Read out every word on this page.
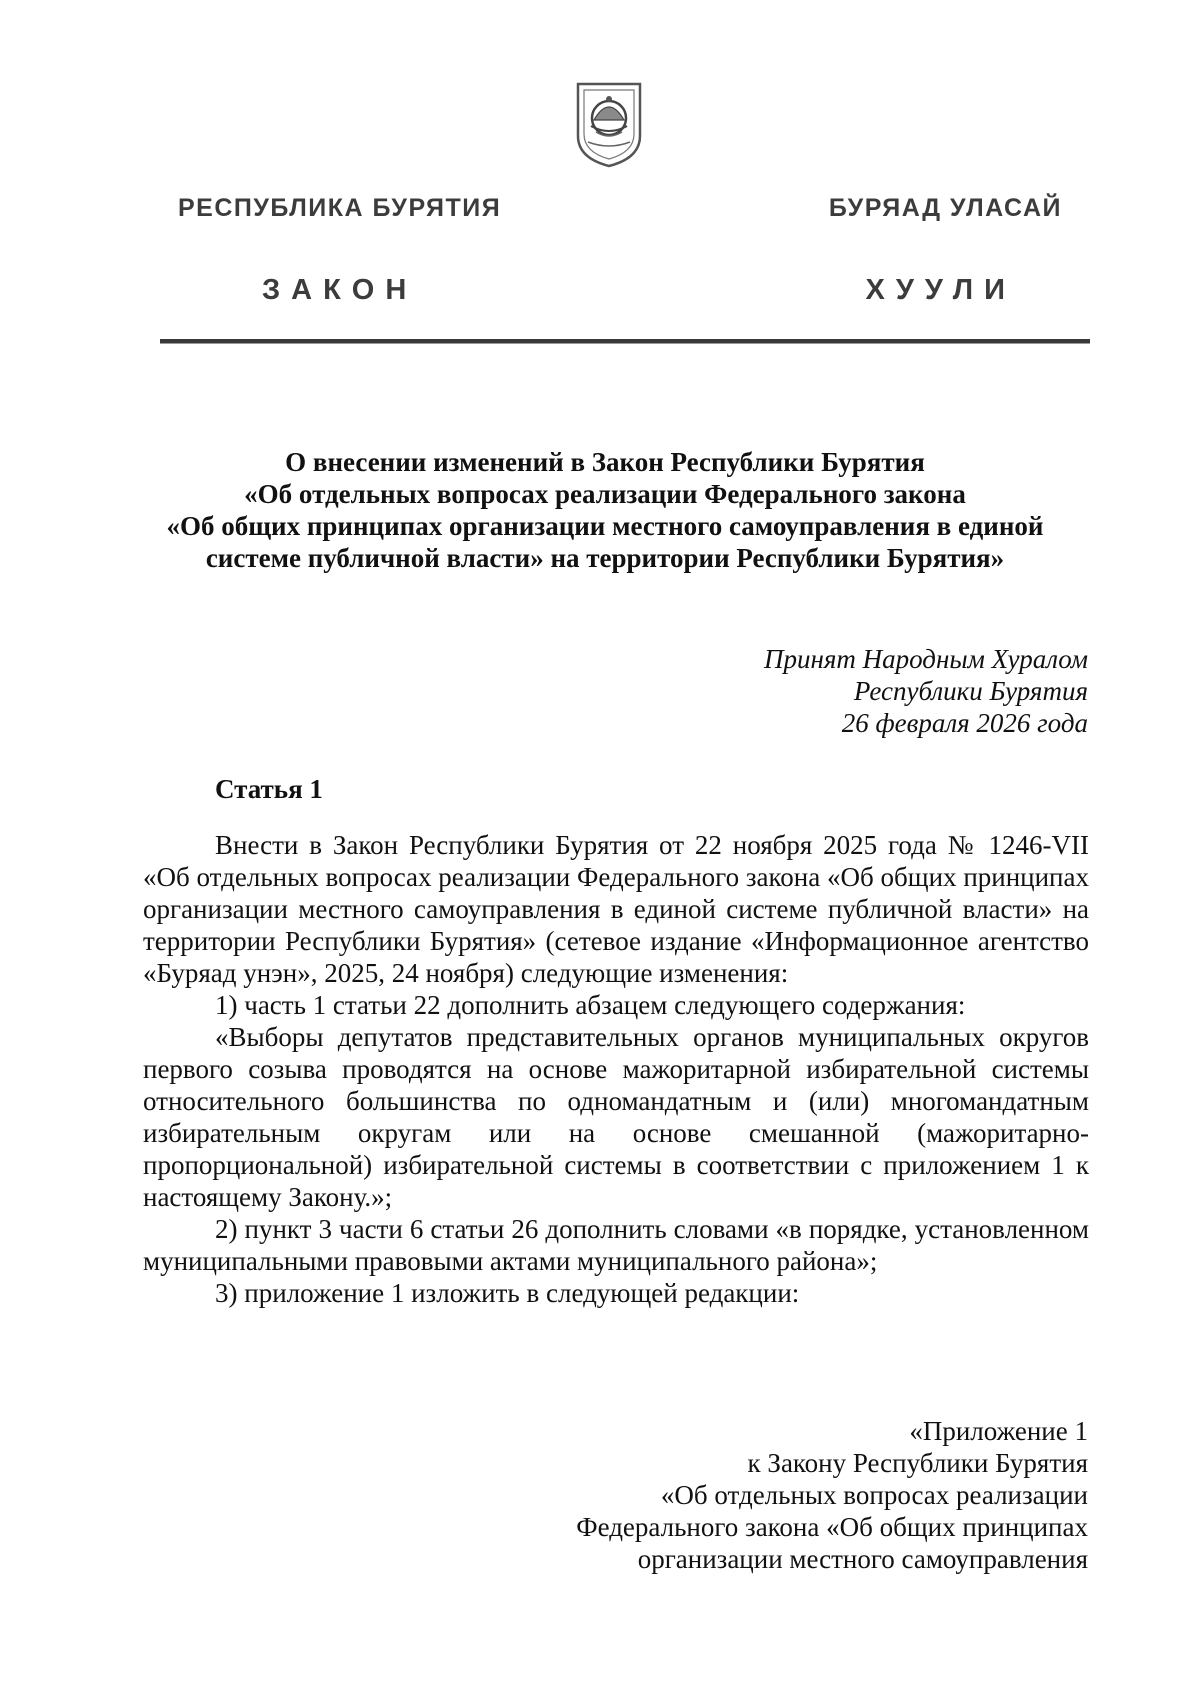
РЕСПУБЛИКА БУРЯТИЯ	БУРЯАД УЛАСАЙ
ЗАКОН	ХУУЛИ
О внесении изменений в Закон Республики Бурятия
«Об отдельных вопросах реализации Федерального закона
«Об общих принципах организации местного самоуправления в единой
системе публичной власти» на территории Республики Бурятия»
Принят Народным Хуралом
Республики Бурятия
26 февраля 2026 года
Статья 1

Внести в Закон Республики Бурятия от 22 ноября 2025 года № 1246-VII «Об отдельных вопросах реализации Федерального закона «Об общих принципах организации местного самоуправления в единой системе публичной власти» на территории Республики Бурятия» (сетевое издание «Информационное агентство «Буряад унэн», 2025, 24 ноября) следующие изменения:

1) часть 1 статьи 22 дополнить абзацем следующего содержания:

«Выборы депутатов представительных органов муниципальных округов первого созыва проводятся на основе мажоритарной избирательной системы относительного большинства по одномандатным и (или) многомандатным избирательным округам или на основе смешанной (мажоритарно-пропорциональной) избирательной системы в соответствии с приложением 1 к настоящему Закону.»;

2) пункт 3 части 6 статьи 26 дополнить словами «в порядке, установленном муниципальными правовыми актами муниципального района»;

3) приложение 1 изложить в следующей редакции:

«Приложение 1
к Закону Республики Бурятия
«Об отдельных вопросах реализации
Федерального закона «Об общих принципах
организации местного самоуправления
